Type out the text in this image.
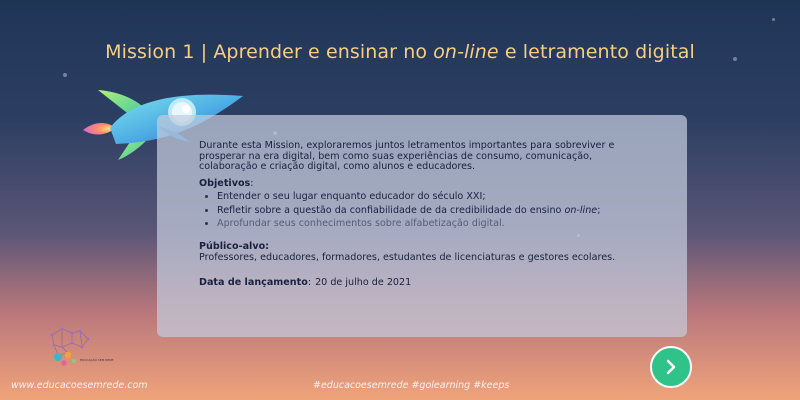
Mission 1 | Aprender e ensinar no on-line e letramento digital

Durante esta Mission, exploraremos juntos letramentos importantes para sobreviver e prosperar na era digital, bem como suas experiências de consumo, comunicação, colaboração e criação digital, como alunos e educadores.

Objetivos:
• Entender o seu lugar enquanto educador do século XXI;
• Refletir sobre a questão da confiabilidade de da credibilidade do ensino on-line;
• Aprofundar seus conhecimentos sobre alfabetização digital.
Público-alvo:
Professores, educadores, formadores, estudantes de licenciaturas e gestores ecolares.
Data de lançamento: 20 de julho de 2021
EDUCAÇÃO SEM REDE
www.educacoesemrede.com	#educacoesemrede #golearning #keeps
